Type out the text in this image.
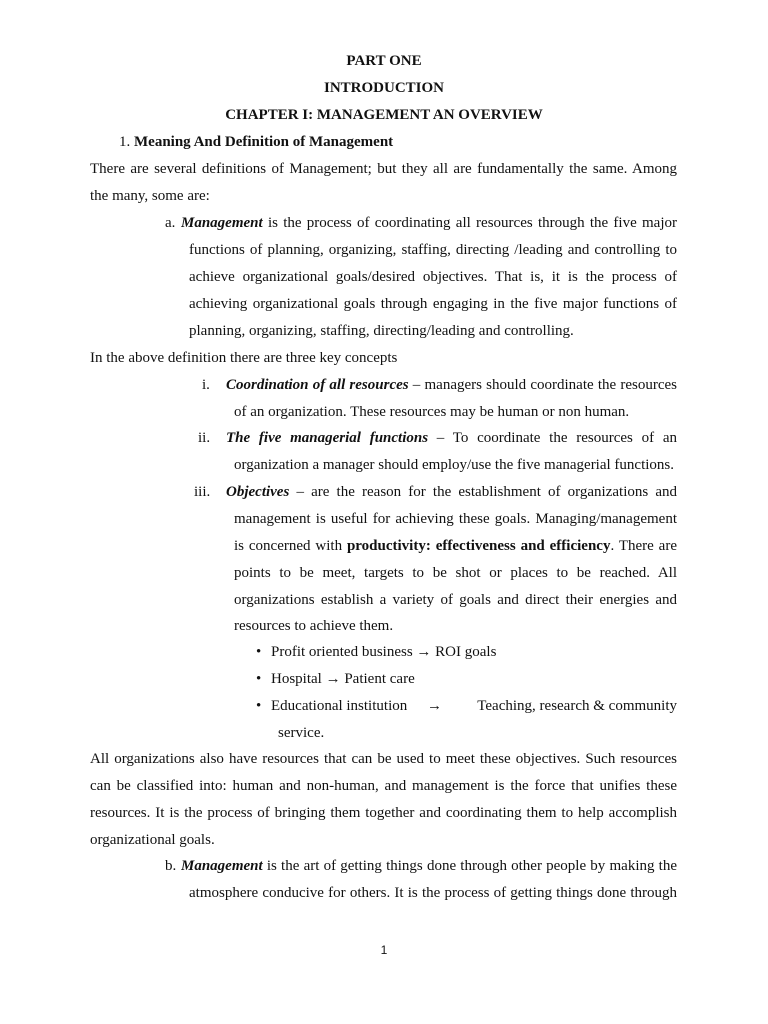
PART ONE
INTRODUCTION
CHAPTER I: MANAGEMENT AN OVERVIEW
1. Meaning And Definition of Management
There are several definitions of Management; but they all are fundamentally the same. Among
the many, some are:
a. Management is the process of coordinating all resources through the five major
functions of planning, organizing, staffing, directing /leading and controlling to
achieve organizational goals/desired objectives. That is, it is the process of
achieving organizational goals through engaging in the five major functions of
planning, organizing, staffing, directing/leading and controlling.
In the above definition there are three key concepts
i. Coordination of all resources – managers should coordinate the resources
of an organization. These resources may be human or non human.
ii. The five managerial functions – To coordinate the resources of an
organization a manager should employ/use the five managerial functions.
iii. Objectives – are the reason for the establishment of organizations and
management is useful for achieving these goals. Managing/management
is concerned with productivity: effectiveness and efficiency. There are
points to be meet, targets to be shot or places to be reached. All
organizations establish a variety of goals and direct their energies and
resources to achieve them.
• Profit oriented business → ROI goals
• Hospital → Patient care
• Educational institution → Teaching, research & community
service.
All organizations also have resources that can be used to meet these objectives. Such resources
can be classified into: human and non-human, and management is the force that unifies these
resources. It is the process of bringing them together and coordinating them to help accomplish
organizational goals.
b. Management is the art of getting things done through other people by making the
atmosphere conducive for others. It is the process of getting things done through
1
